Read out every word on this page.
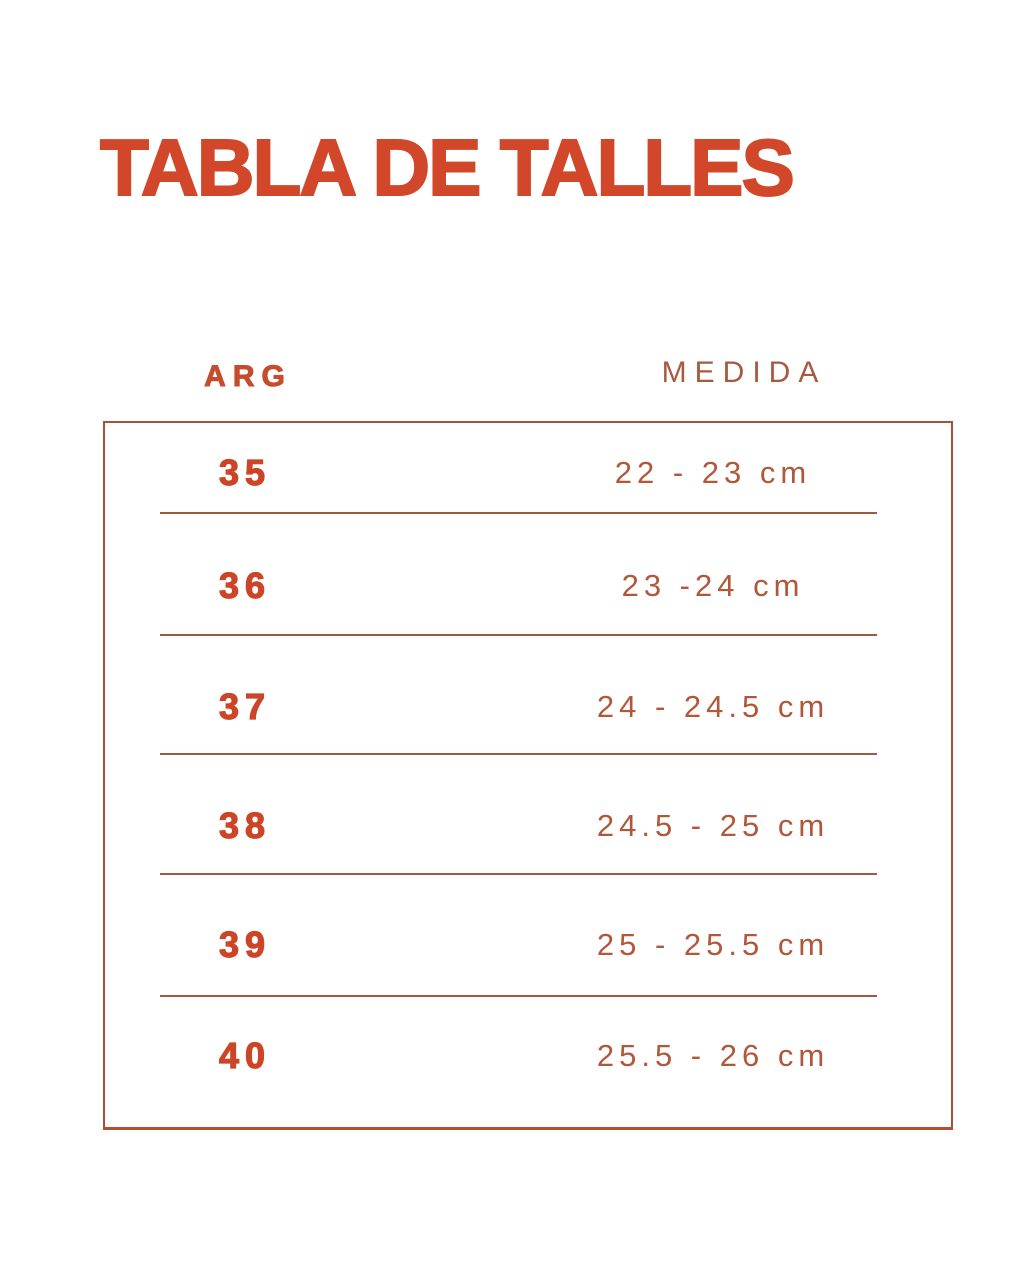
TABLA DE TALLES
ARG	MEDIDA
35	22 - 23 cm
36	23 -24 cm
37	24 - 24.5 cm
38	24.5 - 25 cm
39	25 - 25.5 cm
40	25.5 - 26 cm
